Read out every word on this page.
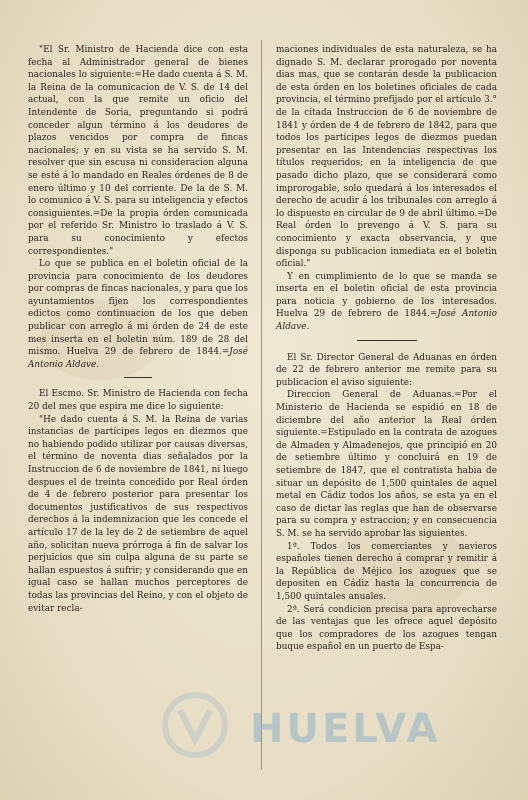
"El Sr. Ministro de Hacienda dice con esta fecha al Administrador general de bienes nacionales lo siguiente:=He dado cuenta á S. M. la Reina de la comunicacion de V. S. de 14 del actual, con la que remite un oficio del Intendente de Soria, preguntando si podrá conceder algun término á los deudores de plazos vencidos por compra de fincas nacionales; y en su vista se ha servido S. M. resolver que sin escusa ni consideracion alguna se esté á lo mandado en Reales órdenes de 8 de enero último y 10 del corriente. De la de S. M. lo comunico á V. S. para su inteligencia y efectos consiguientes.=De la propia órden comunicada por el referido Sr. Ministro lo traslado á V. S. para su conocimiento y efectos correspondientes."

Lo que se publica en el boletin oficial de la provincia para conocimiento de los deudores por compras de fincas nacionales, y para que los ayuntamientos fijen los correspondientes edictos como continuacion de los que deben publicar con arreglo á mi órden de 24 de este mes inserta en el boletin núm. 189 de 28 del mismo. Huelva 29 de febrero de 1844.=José Antonio Aldave.

El Escmo. Sr. Ministro de Hacienda con fecha 20 del mes que espira me dice lo siguiente:

"He dado cuenta á S. M. la Reina de varias instancias de partícipes legos en diezmos que no habiendo podido utilizar por causas diversas, el término de noventa dias señalados por la Instruccion de 6 de noviembre de 1841, ni luego despues el de treinta concedido por Real órden de 4 de febrero posterior para presentar los documentos justificativos de sus respectivos derechos á la indemnizacion que les concede el artículo 17 de la ley de 2 de setiembre de aquel año, solicitan nueva prórroga á fin de salvar los perjuicios que sin culpa alguna de su parte se hallan espuestos á sufrir; y considerando que en igual caso se hallan muchos perceptores de todas las provincias del Reino, y con el objeto de evitar recla-

maciones individuales de esta naturaleza, se ha dignado S. M. declarar prorogado por noventa dias mas, que se contarán desde la publicacion de esta órden en los boletines oficiales de cada provincia, el término prefijado por el artículo 3.° de la citada Instruccion de 6 de noviembre de 1841 y órden de 4 de febrero de 1842, para que todos los partícipes legos de diezmos puedan presentar en las Intendencias respectivas los títulos requeridos; en la inteligencia de que pasado dicho plazo, que se considerará como improrogable, solo quedará á los interesados el derecho de acudir á los tribunales con arreglo á lo dispuesto en circular de 9 de abril último.=De Real órden lo prevengo á V. S. para su conocimiento y exacta observancia, y que disponga su publicacion inmediata en el boletin oficial."

Y en cumplimiento de lo que se manda se inserta en el boletin oficial de esta provincia para noticia y gobierno de los interesados. Huelva 29 de febrero de 1844.=José Antonio Aldave.

El Sr. Director General de Aduanas en órden de 22 de febrero anterior me remite para su publicacion el aviso siguiente:

Direccion General de Aduanas.=Por el Ministerio de Hacienda se espidió en 18 de diciembre del año anterior la Real órden siguiente.=Estipulado en la contrata de azogues de Almaden y Almadenejos, que principió en 20 de setiembre último y concluirá en 19 de setiembre de 1847, que el contratista habia de situar un depósito de 1,500 quintales de aquel metal en Cádiz todos los años, se esta ya en el caso de dictar las reglas que han de observarse para su compra y estraccion; y en consecuencia S. M. se ha servido aprobar las siguientes.

1ª. Todos los comerciantes y navieros españoles tienen derecho á comprar y remitir á la República de Méjico los azogues que se depositen en Cádiz hasta la concurrencia de 1,500 quintales anuales.

2ª. Será condicion precisa para aprovecharse de las ventajas que les ofrece aquel depósito que los compradores de los azogues tengan buque español en un puerto de Espa-

HUELVA
